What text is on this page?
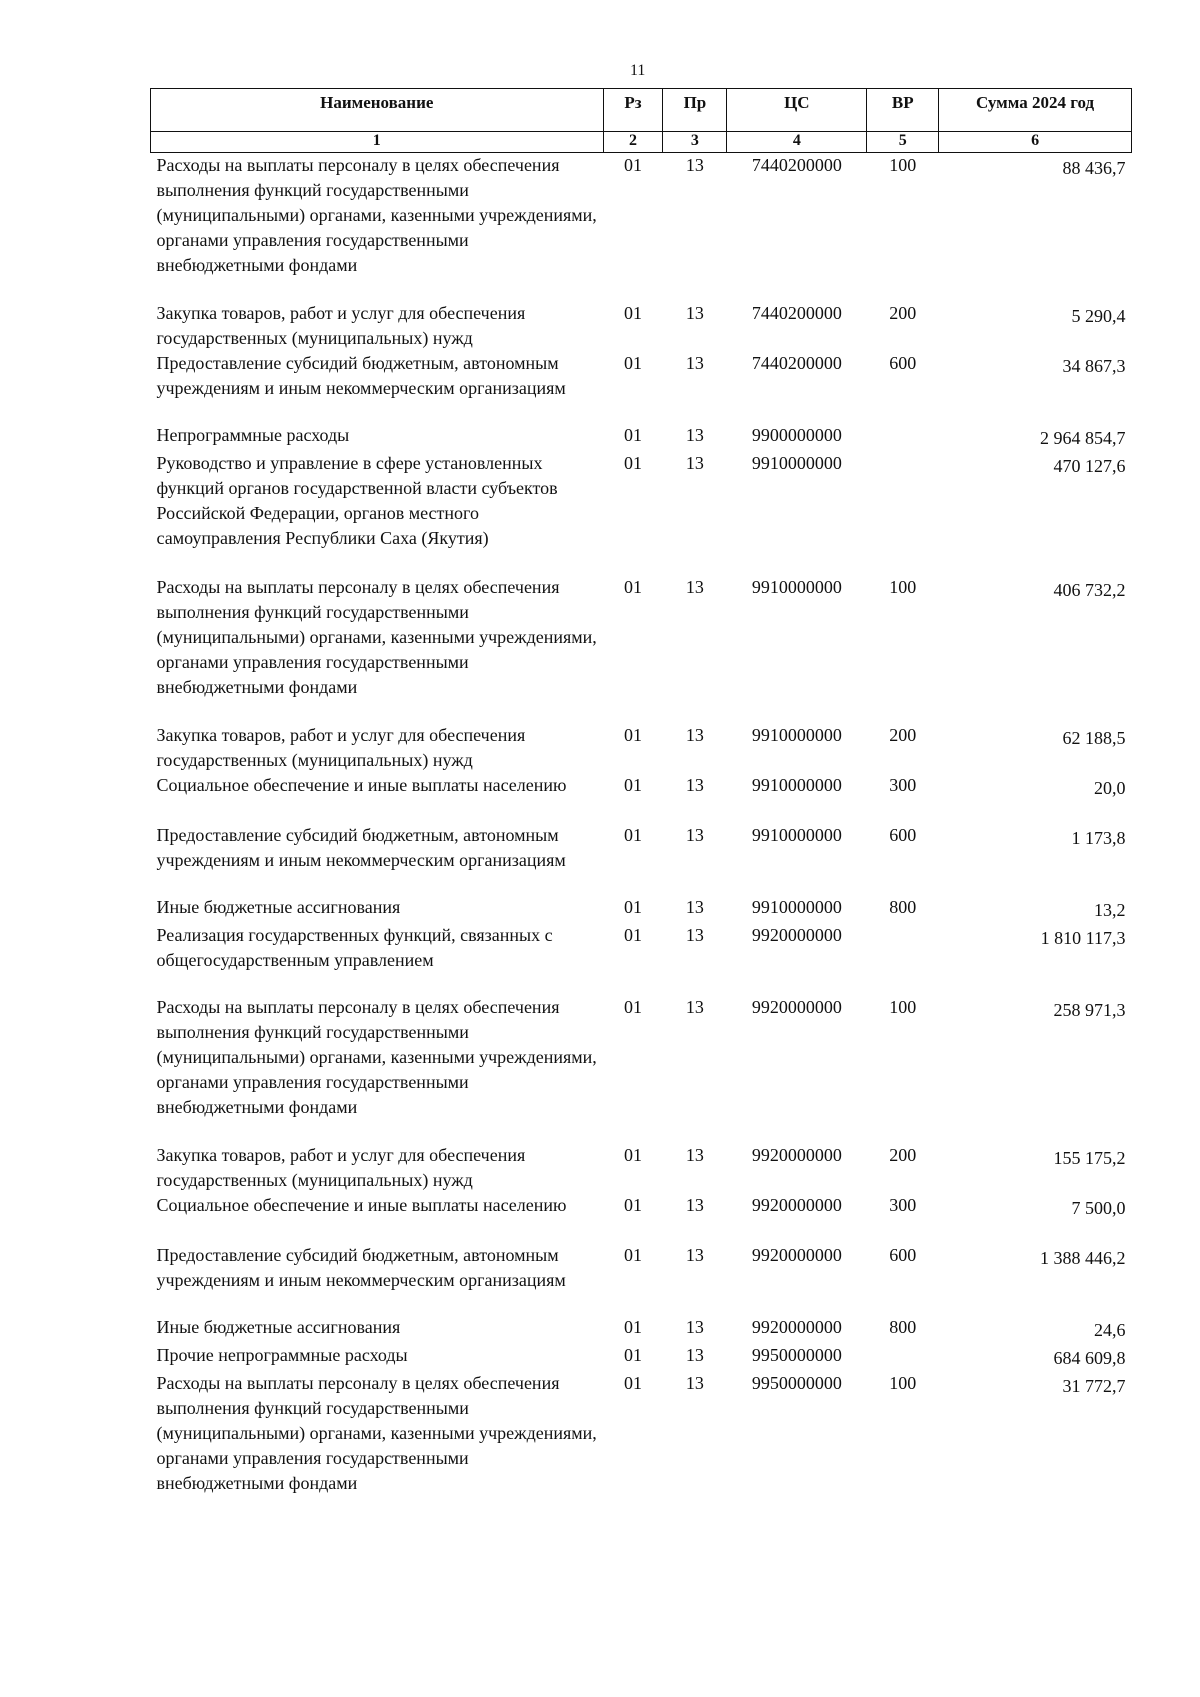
11
Наименование	Рз	Пр	ЦС	ВР	Сумма 2024 год
1	2	3	4	5	6
Расходы на выплаты персоналу в целях обеспечения выполнения функций государственными (муниципальными) органами, казенными учреждениями, органами управления государственными внебюджетными фондами	01	13	7440200000	100	88 436,7
Закупка товаров, работ и услуг для обеспечения государственных (муниципальных) нужд	01	13	7440200000	200	5 290,4
Предоставление субсидий бюджетным, автономным учреждениям и иным некоммерческим организациям	01	13	7440200000	600	34 867,3
Непрограммные расходы	01	13	9900000000		2 964 854,7
Руководство и управление в сфере установленных функций органов государственной власти субъектов Российской Федерации, органов местного самоуправления Республики Саха (Якутия)	01	13	9910000000		470 127,6
Расходы на выплаты персоналу в целях обеспечения выполнения функций государственными (муниципальными) органами, казенными учреждениями, органами управления государственными внебюджетными фондами	01	13	9910000000	100	406 732,2
Закупка товаров, работ и услуг для обеспечения государственных (муниципальных) нужд	01	13	9910000000	200	62 188,5
Социальное обеспечение и иные выплаты населению	01	13	9910000000	300	20,0
Предоставление субсидий бюджетным, автономным учреждениям и иным некоммерческим организациям	01	13	9910000000	600	1 173,8
Иные бюджетные ассигнования	01	13	9910000000	800	13,2
Реализация государственных функций, связанных с общегосударственным управлением	01	13	9920000000		1 810 117,3
Расходы на выплаты персоналу в целях обеспечения выполнения функций государственными (муниципальными) органами, казенными учреждениями, органами управления государственными внебюджетными фондами	01	13	9920000000	100	258 971,3
Закупка товаров, работ и услуг для обеспечения государственных (муниципальных) нужд	01	13	9920000000	200	155 175,2
Социальное обеспечение и иные выплаты населению	01	13	9920000000	300	7 500,0
Предоставление субсидий бюджетным, автономным учреждениям и иным некоммерческим организациям	01	13	9920000000	600	1 388 446,2
Иные бюджетные ассигнования	01	13	9920000000	800	24,6
Прочие непрограммные расходы	01	13	9950000000		684 609,8
Расходы на выплаты персоналу в целях обеспечения выполнения функций государственными (муниципальными) органами, казенными учреждениями, органами управления государственными внебюджетными фондами	01	13	9950000000	100	31 772,7
